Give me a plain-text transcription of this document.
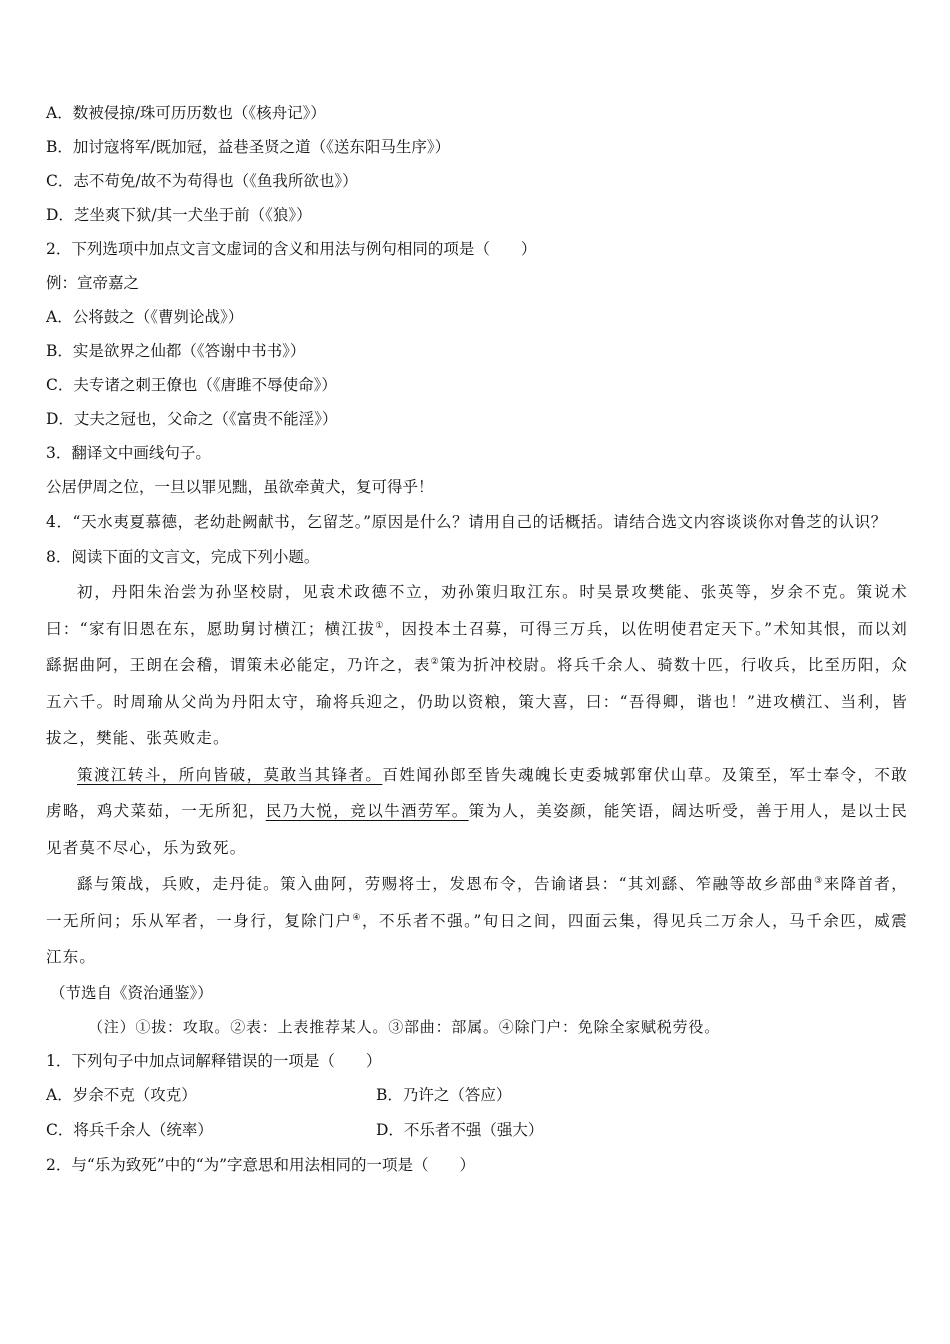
A．数被侵掠/珠可历历数也（《核舟记》）
B．加讨寇将军/既加冠，益巷圣贤之道（《送东阳马生序》）
C．志不苟免/故不为苟得也（《鱼我所欲也》）
D．芝坐爽下狱/其一犬坐于前（《狼》）
2．下列选项中加点文言文虚词的含义和用法与例句相同的项是（　　）
例：宣帝嘉之
A．公将鼓之（《曹刿论战》）
B．实是欲界之仙都（《答谢中书书》）
C．夫专诸之刺王僚也（《唐雎不辱使命》）
D．丈夫之冠也，父命之（《富贵不能淫》）
3．翻译文中画线句子。
公居伊周之位，一旦以罪见黜，虽欲牵黄犬，复可得乎！
4．“天水夷夏慕德，老幼赴阙献书，乞留芝。”原因是什么？请用自己的话概括。请结合选文内容谈谈你对鲁芝的认识？
8．阅读下面的文言文，完成下列小题。
初，丹阳朱治尝为孙坚校尉，见袁术政德不立，劝孙策归取江东。时吴景攻樊能、张英等，岁余不克。策说术曰：“家有旧恩在东，愿助舅讨横江；横江拔①，因投本土召募，可得三万兵，以佐明使君定天下。”术知其恨，而以刘繇据曲阿，王朗在会稽，谓策未必能定，乃许之，表②策为折冲校尉。将兵千余人、骑数十匹，行收兵，比至历阳，众五六千。时周瑜从父尚为丹阳太守，瑜将兵迎之，仍助以资粮，策大喜，曰：“吾得卿，谐也！”进攻横江、当利，皆拔之，樊能、张英败走。
策渡江转斗，所向皆破，莫敢当其锋者。百姓闻孙郎至皆失魂魄长吏委城郭窜伏山草。及策至，军士奉令，不敢虏略，鸡犬菜茹，一无所犯，民乃大悦，竞以牛酒劳军。策为人，美姿颜，能笑语，阔达听受，善于用人，是以士民见者莫不尽心，乐为致死。
繇与策战，兵败，走丹徒。策入曲阿，劳赐将士，发恩布令，告谕诸县：“其刘繇、笮融等故乡部曲③来降首者，一无所问；乐从军者，一身行，复除门户④，不乐者不强。”旬日之间，四面云集，得见兵二万余人，马千余匹，威震江东。
（节选自《资治通鉴》）
（注）①拔：攻取。②表：上表推荐某人。③部曲：部属。④除门户：免除全家赋税劳役。
1．下列句子中加点词解释错误的一项是（　　）
A．岁余不克（攻克）	B．乃许之（答应）
C．将兵千余人（统率）	D．不乐者不强（强大）
2．与“乐为致死”中的“为”字意思和用法相同的一项是（　　）
